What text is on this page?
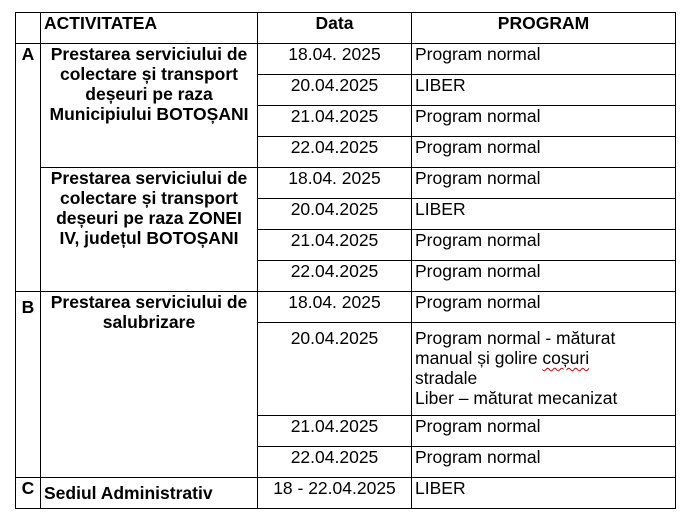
	ACTIVITATEA	Data	PROGRAM
A	Prestarea serviciului de colectare și transport deșeuri pe raza Municipiului BOTOȘANI	18.04. 2025	Program normal
		20.04.2025	LIBER
		21.04.2025	Program normal
		22.04.2025	Program normal
	Prestarea serviciului de colectare și transport deșeuri pe raza ZONEI IV, județul BOTOȘANI	18.04. 2025	Program normal
		20.04.2025	LIBER
		21.04.2025	Program normal
		22.04.2025	Program normal
B	Prestarea serviciului de salubrizare	18.04. 2025	Program normal
		20.04.2025	Program normal - măturat
manual și golire coșuri
stradale
Liber – măturat mecanizat

		21.04.2025	Program normal
		22.04.2025	Program normal
C	Sediul Administrativ	18 - 22.04.2025	LIBER
